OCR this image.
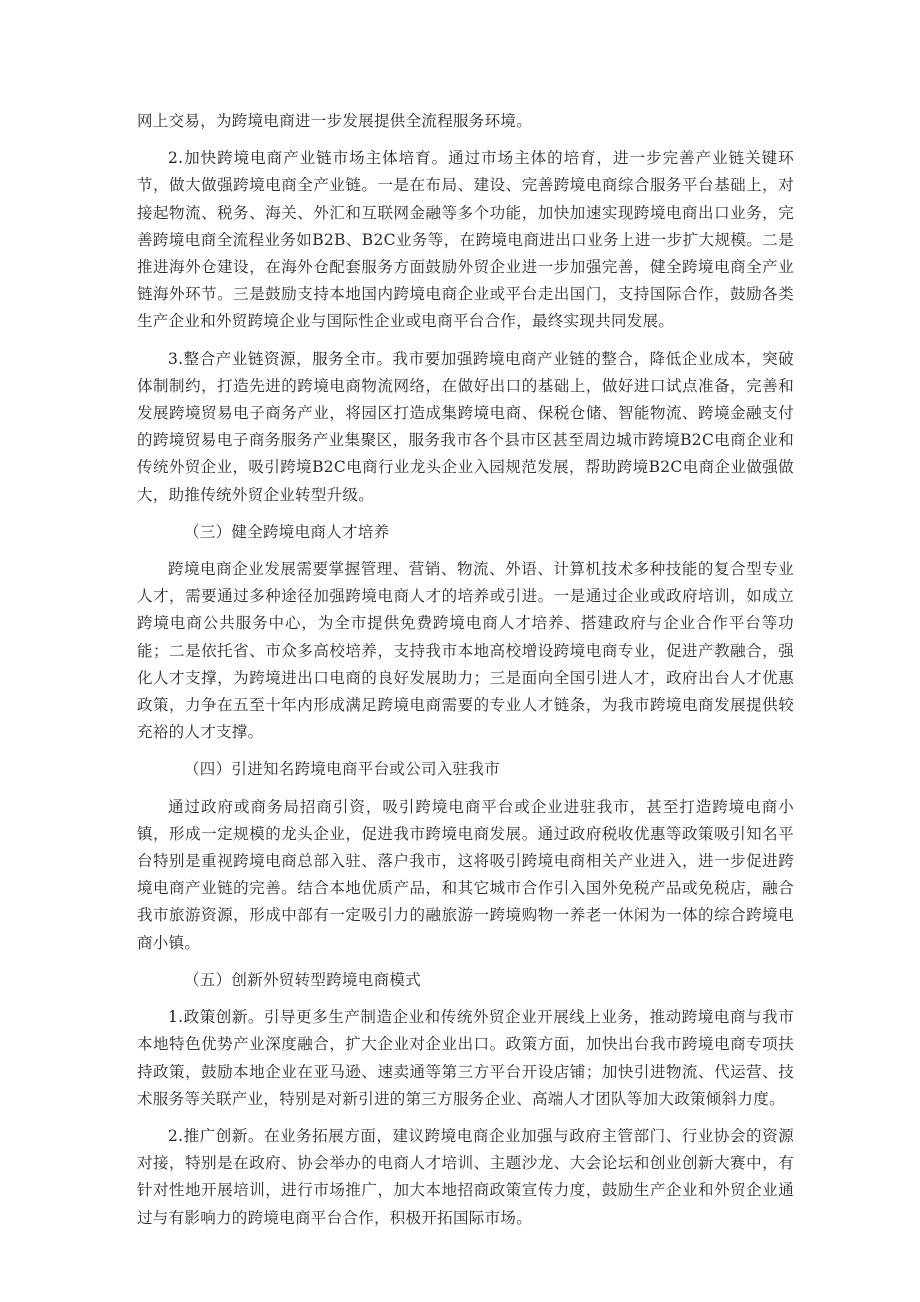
网上交易，为跨境电商进一步发展提供全流程服务环境。

2.加快跨境电商产业链市场主体培育。通过市场主体的培育，进一步完善产业链关键环节，做大做强跨境电商全产业链。一是在布局、建设、完善跨境电商综合服务平台基础上，对接起物流、税务、海关、外汇和互联网金融等多个功能，加快加速实现跨境电商出口业务，完善跨境电商全流程业务如B2B、B2C业务等，在跨境电商进出口业务上进一步扩大规模。二是推进海外仓建设，在海外仓配套服务方面鼓励外贸企业进一步加强完善，健全跨境电商全产业链海外环节。三是鼓励支持本地国内跨境电商企业或平台走出国门，支持国际合作，鼓励各类生产企业和外贸跨境企业与国际性企业或电商平台合作，最终实现共同发展。

3.整合产业链资源，服务全市。我市要加强跨境电商产业链的整合，降低企业成本，突破体制制约，打造先进的跨境电商物流网络，在做好出口的基础上，做好进口试点准备，完善和发展跨境贸易电子商务产业，将园区打造成集跨境电商、保税仓储、智能物流、跨境金融支付的跨境贸易电子商务服务产业集聚区，服务我市各个县市区甚至周边城市跨境B2C电商企业和传统外贸企业，吸引跨境B2C电商行业龙头企业入园规范发展，帮助跨境B2C电商企业做强做大，助推传统外贸企业转型升级。

（三）健全跨境电商人才培养

跨境电商企业发展需要掌握管理、营销、物流、外语、计算机技术多种技能的复合型专业人才，需要通过多种途径加强跨境电商人才的培养或引进。一是通过企业或政府培训，如成立跨境电商公共服务中心，为全市提供免费跨境电商人才培养、搭建政府与企业合作平台等功能；二是依托省、市众多高校培养，支持我市本地高校增设跨境电商专业，促进产教融合，强化人才支撑，为跨境进出口电商的良好发展助力；三是面向全国引进人才，政府出台人才优惠政策，力争在五至十年内形成满足跨境电商需要的专业人才链条，为我市跨境电商发展提供较充裕的人才支撑。

（四）引进知名跨境电商平台或公司入驻我市

通过政府或商务局招商引资，吸引跨境电商平台或企业进驻我市，甚至打造跨境电商小镇，形成一定规模的龙头企业，促进我市跨境电商发展。通过政府税收优惠等政策吸引知名平台特别是重视跨境电商总部入驻、落户我市，这将吸引跨境电商相关产业进入，进一步促进跨境电商产业链的完善。结合本地优质产品，和其它城市合作引入国外免税产品或免税店，融合我市旅游资源，形成中部有一定吸引力的融旅游一跨境购物一养老一休闲为一体的综合跨境电商小镇。

（五）创新外贸转型跨境电商模式

1.政策创新。引导更多生产制造企业和传统外贸企业开展线上业务，推动跨境电商与我市本地特色优势产业深度融合，扩大企业对企业出口。政策方面，加快出台我市跨境电商专项扶持政策，鼓励本地企业在亚马逊、速卖通等第三方平台开设店铺；加快引进物流、代运营、技术服务等关联产业，特别是对新引进的第三方服务企业、高端人才团队等加大政策倾斜力度。

2.推广创新。在业务拓展方面，建议跨境电商企业加强与政府主管部门、行业协会的资源对接，特别是在政府、协会举办的电商人才培训、主题沙龙、大会论坛和创业创新大赛中，有针对性地开展培训，进行市场推广，加大本地招商政策宣传力度，鼓励生产企业和外贸企业通过与有影响力的跨境电商平台合作，积极开拓国际市场。
